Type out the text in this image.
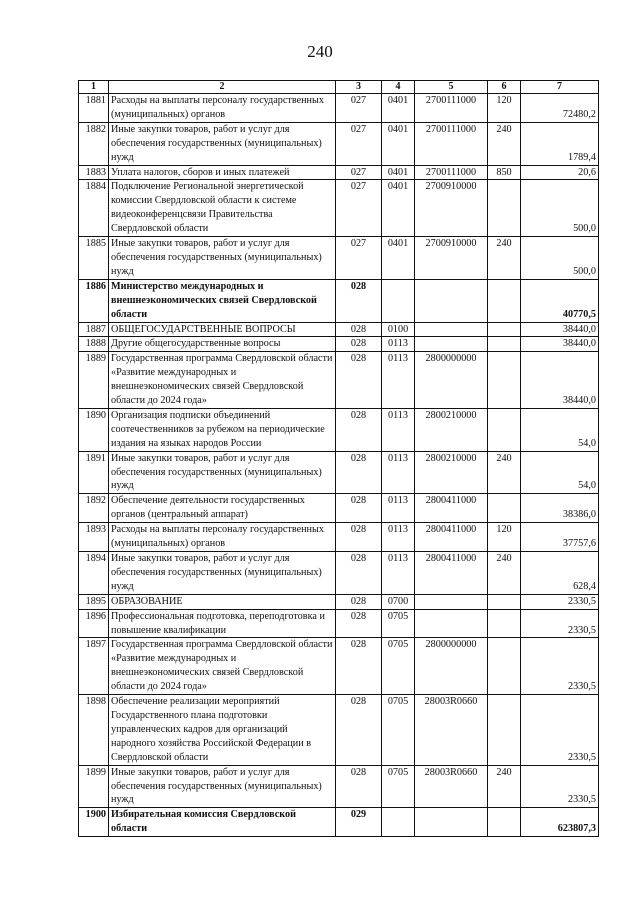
240
1	2	3	4	5	6	7
1881	Расходы на выплаты персоналу государственных (муниципальных) органов	027	0401	2700111000	120	72480,2
1882	Иные закупки товаров, работ и услуг для обеспечения государственных (муниципальных) нужд	027	0401	2700111000	240	1789,4
1883	Уплата налогов, сборов и иных платежей	027	0401	2700111000	850	20,6
1884	Подключение Региональной энергетической комиссии Свердловской области к системе видеоконференцсвязи Правительства Свердловской области	027	0401	2700910000		500,0
1885	Иные закупки товаров, работ и услуг для обеспечения государственных (муниципальных) нужд	027	0401	2700910000	240	500,0
1886	Министерство международных и внешнеэкономических связей Свердловской области	028				40770,5
1887	ОБЩЕГОСУДАРСТВЕННЫЕ ВОПРОСЫ	028	0100			38440,0
1888	Другие общегосударственные вопросы	028	0113			38440,0
1889	Государственная программа Свердловской области «Развитие международных и внешнеэкономических связей Свердловской области до 2024 года»	028	0113	2800000000		38440,0
1890	Организация подписки объединений соотечественников за рубежом на периодические издания на языках народов России	028	0113	2800210000		54,0
1891	Иные закупки товаров, работ и услуг для обеспечения государственных (муниципальных) нужд	028	0113	2800210000	240	54,0
1892	Обеспечение деятельности государственных органов (центральный аппарат)	028	0113	2800411000		38386,0
1893	Расходы на выплаты персоналу государственных (муниципальных) органов	028	0113	2800411000	120	37757,6
1894	Иные закупки товаров, работ и услуг для обеспечения государственных (муниципальных) нужд	028	0113	2800411000	240	628,4
1895	ОБРАЗОВАНИЕ	028	0700			2330,5
1896	Профессиональная подготовка, переподготовка и повышение квалификации	028	0705			2330,5
1897	Государственная программа Свердловской области «Развитие международных и внешнеэкономических связей Свердловской области до 2024 года»	028	0705	2800000000		2330,5
1898	Обеспечение реализации мероприятий Государственного плана подготовки управленческих кадров для организаций народного хозяйства Российской Федерации в Свердловской области	028	0705	28003R0660		2330,5
1899	Иные закупки товаров, работ и услуг для обеспечения государственных (муниципальных) нужд	028	0705	28003R0660	240	2330,5
1900	Избирательная комиссия Свердловской области	029				623807,3
